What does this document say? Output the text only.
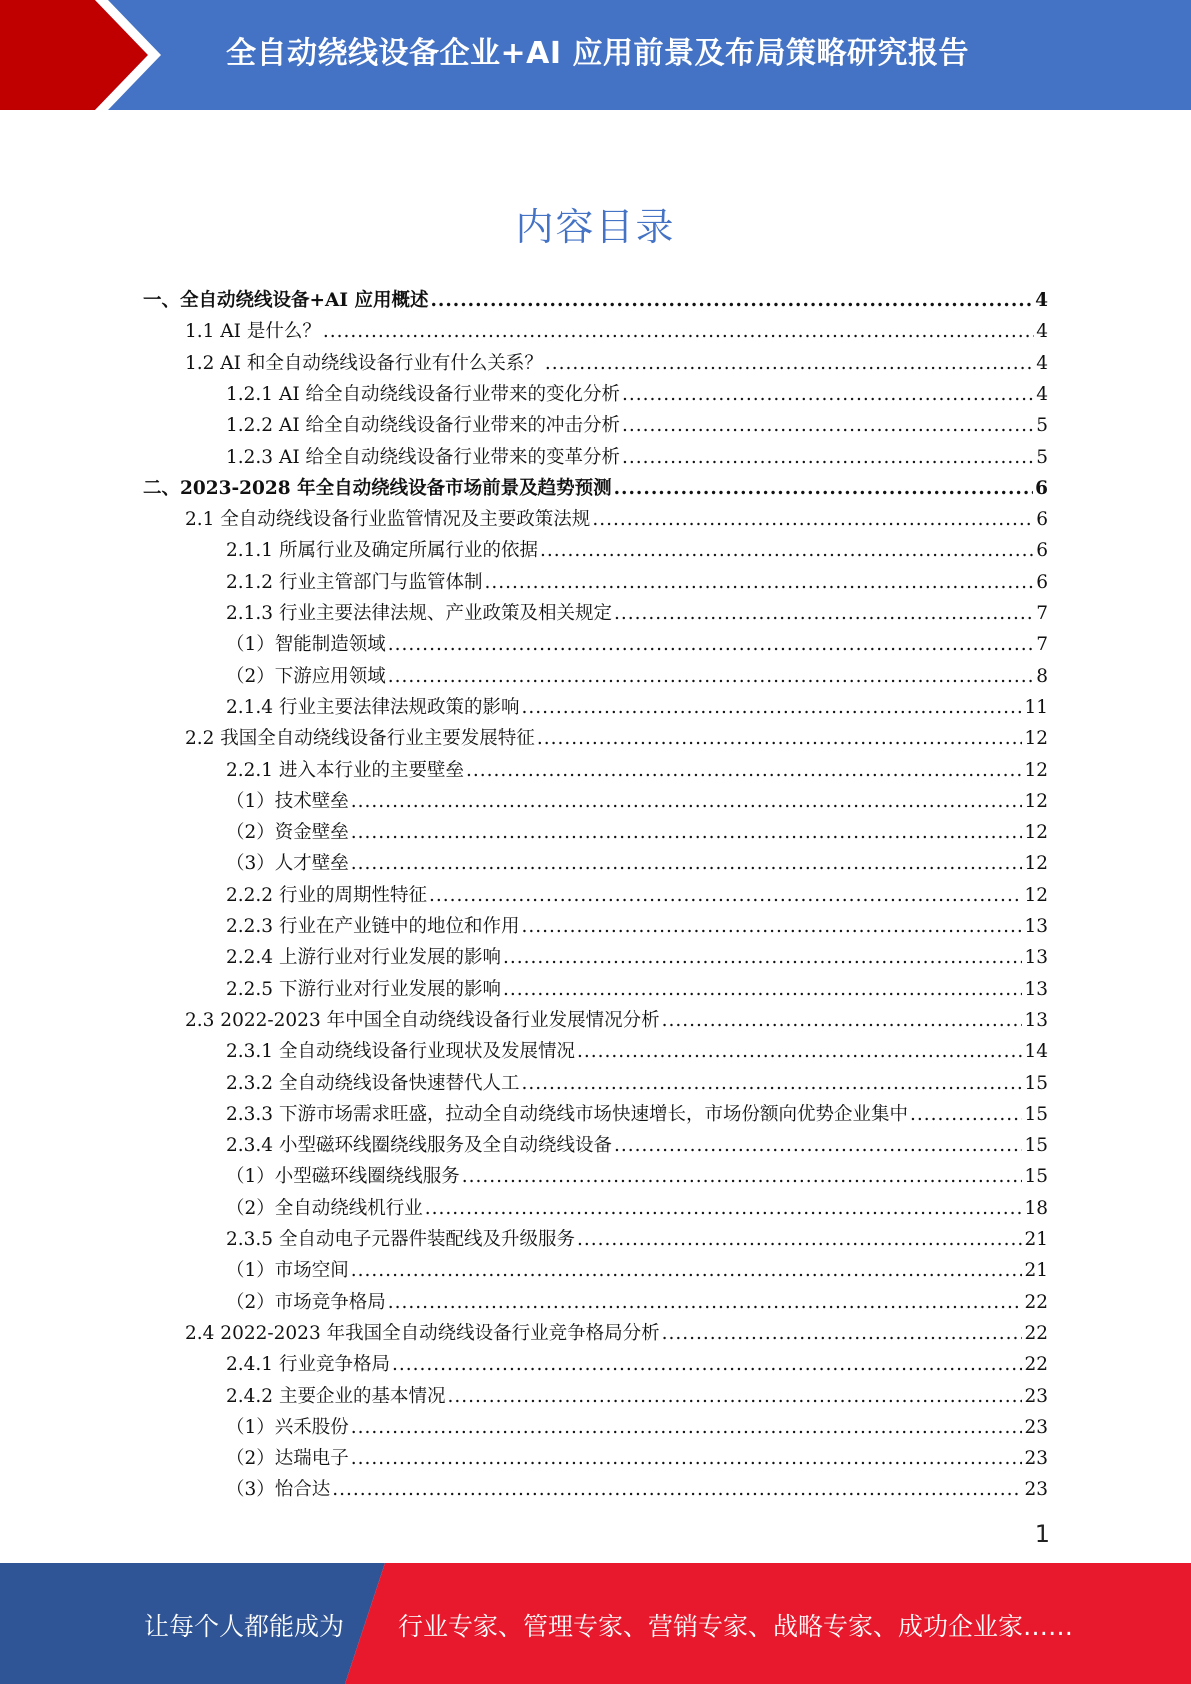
全自动绕线设备企业+AI 应用前景及布局策略研究报告
内容目录
一、全自动绕线设备+AI 应用概述 .....	4
1.1 AI 是什么？ .....	4
1.2 AI 和全自动绕线设备行业有什么关系？ .....	4
1.2.1 AI 给全自动绕线设备行业带来的变化分析 .....	4
1.2.2 AI 给全自动绕线设备行业带来的冲击分析 .....	5
1.2.3 AI 给全自动绕线设备行业带来的变革分析 .....	5
二、2023-2028 年全自动绕线设备市场前景及趋势预测 .....	6
2.1 全自动绕线设备行业监管情况及主要政策法规 .....	6
2.1.1 所属行业及确定所属行业的依据 .....	6
2.1.2 行业主管部门与监管体制 .....	6
2.1.3 行业主要法律法规、产业政策及相关规定 .....	7
（1）智能制造领域 .....	7
（2）下游应用领域 .....	8
2.1.4 行业主要法律法规政策的影响 .....	11
2.2 我国全自动绕线设备行业主要发展特征 .....	12
2.2.1 进入本行业的主要壁垒 .....	12
（1）技术壁垒 .....	12
（2）资金壁垒 .....	12
（3）人才壁垒 .....	12
2.2.2 行业的周期性特征 .....	12
2.2.3 行业在产业链中的地位和作用 .....	13
2.2.4 上游行业对行业发展的影响 .....	13
2.2.5 下游行业对行业发展的影响 .....	13
2.3 2022-2023 年中国全自动绕线设备行业发展情况分析 .....	13
2.3.1 全自动绕线设备行业现状及发展情况 .....	14
2.3.2 全自动绕线设备快速替代人工 .....	15
2.3.3 下游市场需求旺盛，拉动全自动绕线市场快速增长，市场份额向优势企业集中 .....	15
2.3.4 小型磁环线圈绕线服务及全自动绕线设备 .....	15
（1）小型磁环线圈绕线服务 .....	15
（2）全自动绕线机行业 .....	18
2.3.5 全自动电子元器件装配线及升级服务 .....	21
（1）市场空间 .....	21
（2）市场竞争格局 .....	22
2.4 2022-2023 年我国全自动绕线设备行业竞争格局分析 .....	22
2.4.1 行业竞争格局 .....	22
2.4.2 主要企业的基本情况 .....	23
（1）兴禾股份 .....	23
（2）达瑞电子 .....	23
（3）怡合达 .....	23
1
让每个人都能成为 行业专家、管理专家、营销专家、战略专家、成功企业家……
